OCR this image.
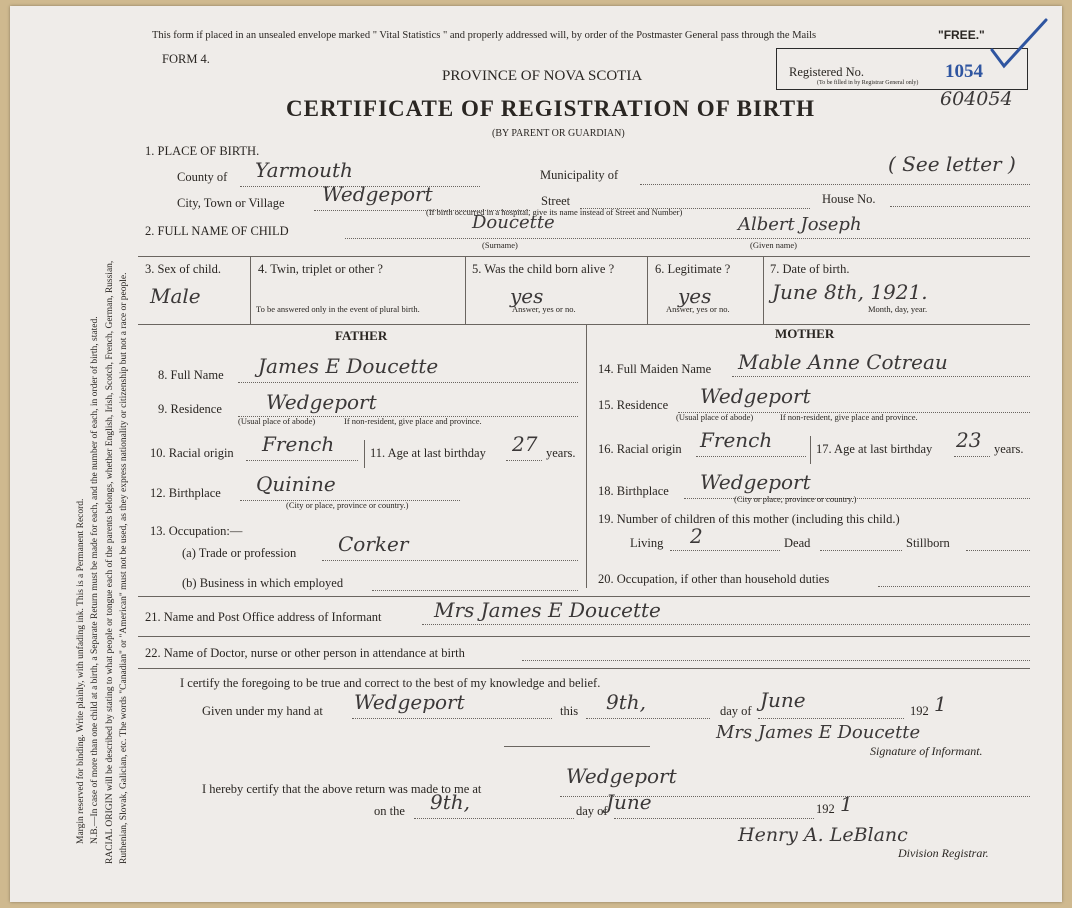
Margin reserved for binding. Write plainly, with unfading ink. This is a Permanent Record. N.B.—In case of more than one child at a birth, a Separate Return must be made for each, and the number of each, in order of birth, stated. RACIAL ORIGIN will be described by stating to what people or tongue each of the parents belongs, whether English, Irish, Scotch, French, German, Russian, Ruthenian, Slovak, Galician, etc. The words "Canadian" or "American" must not be used, as they express nationality or citizenship but not a race or people.
This form if placed in an unsealed envelope marked " Vital Statistics " and properly addressed will, by order of the Postmaster General pass through the Mails	"FREE."
FORM 4.
PROVINCE OF NOVA SCOTIA
CERTIFICATE OF REGISTRATION OF BIRTH
(BY PARENT OR GUARDIAN)
Registered No.
(To be filled in by Registrar General only)
1054
604054
1. PLACE OF BIRTH.
County of Yarmouth	Municipality of	( See letter )
City, Town or Village Wedgeport	Street	House No.
(If birth occurred in a hospital, give its name instead of Street and Number)
2. FULL NAME OF CHILD	Doucette
(Surname)
Albert Joseph
(Given name)
3. Sex of child.
Male
4. Twin, triplet or other ?
To be answered only in the event of plural birth.
5. Was the child born alive ?
yes
Answer, yes or no.
6. Legitimate ?
yes
Answer, yes or no.
7. Date of birth.
June 8th, 1921.
Month, day, year.
FATHER	MOTHER
8. Full Name James E Doucette
9. Residence Wedgeport
(Usual place of abode)	If non-resident, give place and province.
10. Racial origin French	11. Age at last birthday 27 years.
12. Birthplace Quinine
(City or place, province or country.)
13. Occupation:—
(a) Trade or profession Corker
(b) Business in which employed
14. Full Maiden Name Mable Anne Cotreau
15. Residence Wedgeport
(Usual place of abode)	If non-resident, give place and province.
16. Racial origin French	17. Age at last birthday 23 years.
18. Birthplace Wedgeport
(City or place, province or country.)
19. Number of children of this mother (including this child.)
Living 2	Dead	Stillborn
20. Occupation, if other than household duties
21. Name and Post Office address of Informant	Mrs James E Doucette
22. Name of Doctor, nurse or other person in attendance at birth
I certify the foregoing to be true and correct to the best of my knowledge and belief.
Given under my hand at Wedgeport	this 9th,	day of June	192 1
Mrs James E Doucette
Signature of Informant.
I hereby certify that the above return was made to me at
Wedgeport
on the 9th,	day of
June	192 1
Henry A. LeBlanc
Division Registrar.
